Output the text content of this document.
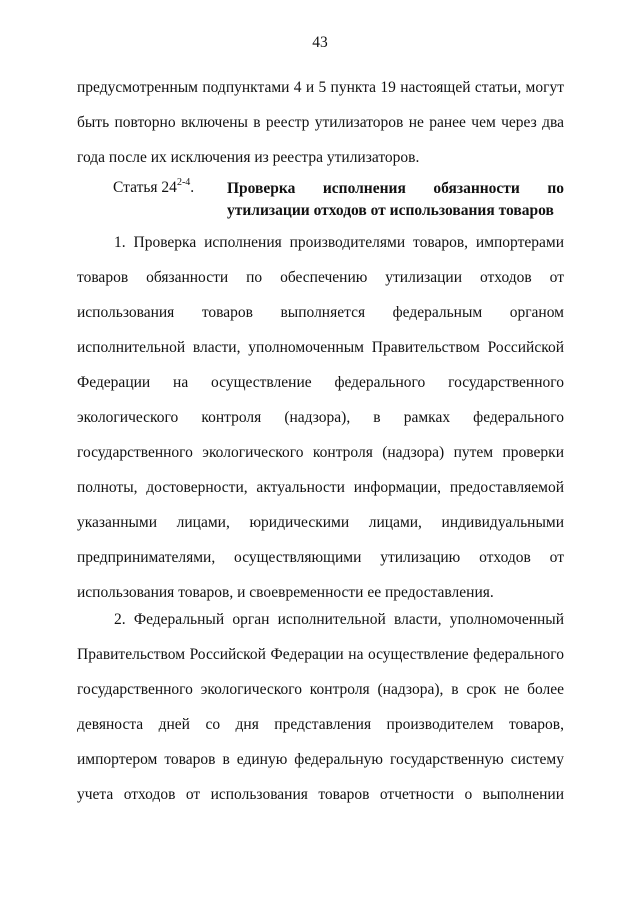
43
предусмотренным подпунктами 4 и 5 пункта 19 настоящей статьи, могут
быть повторно включены в реестр утилизаторов не ранее чем через два
года после их исключения из реестра утилизаторов.
Статья 24$^{2-4}$. Проверка исполнения обязанности по
утилизации отходов от использования товаров
1. Проверка исполнения производителями товаров, импортерами
товаров обязанности по обеспечению утилизации отходов от
использования товаров выполняется федеральным органом
исполнительной власти, уполномоченным Правительством Российской
Федерации на осуществление федерального государственного
экологического контроля (надзора), в рамках федерального
государственного экологического контроля (надзора) путем проверки
полноты, достоверности, актуальности информации, предоставляемой
указанными лицами, юридическими лицами, индивидуальными
предпринимателями, осуществляющими утилизацию отходов от
использования товаров, и своевременности ее предоставления.
2. Федеральный орган исполнительной власти, уполномоченный
Правительством Российской Федерации на осуществление федерального
государственного экологического контроля (надзора), в срок не более
девяноста дней со дня представления производителем товаров,
импортером товаров в единую федеральную государственную систему
учета отходов от использования товаров отчетности о выполнении
